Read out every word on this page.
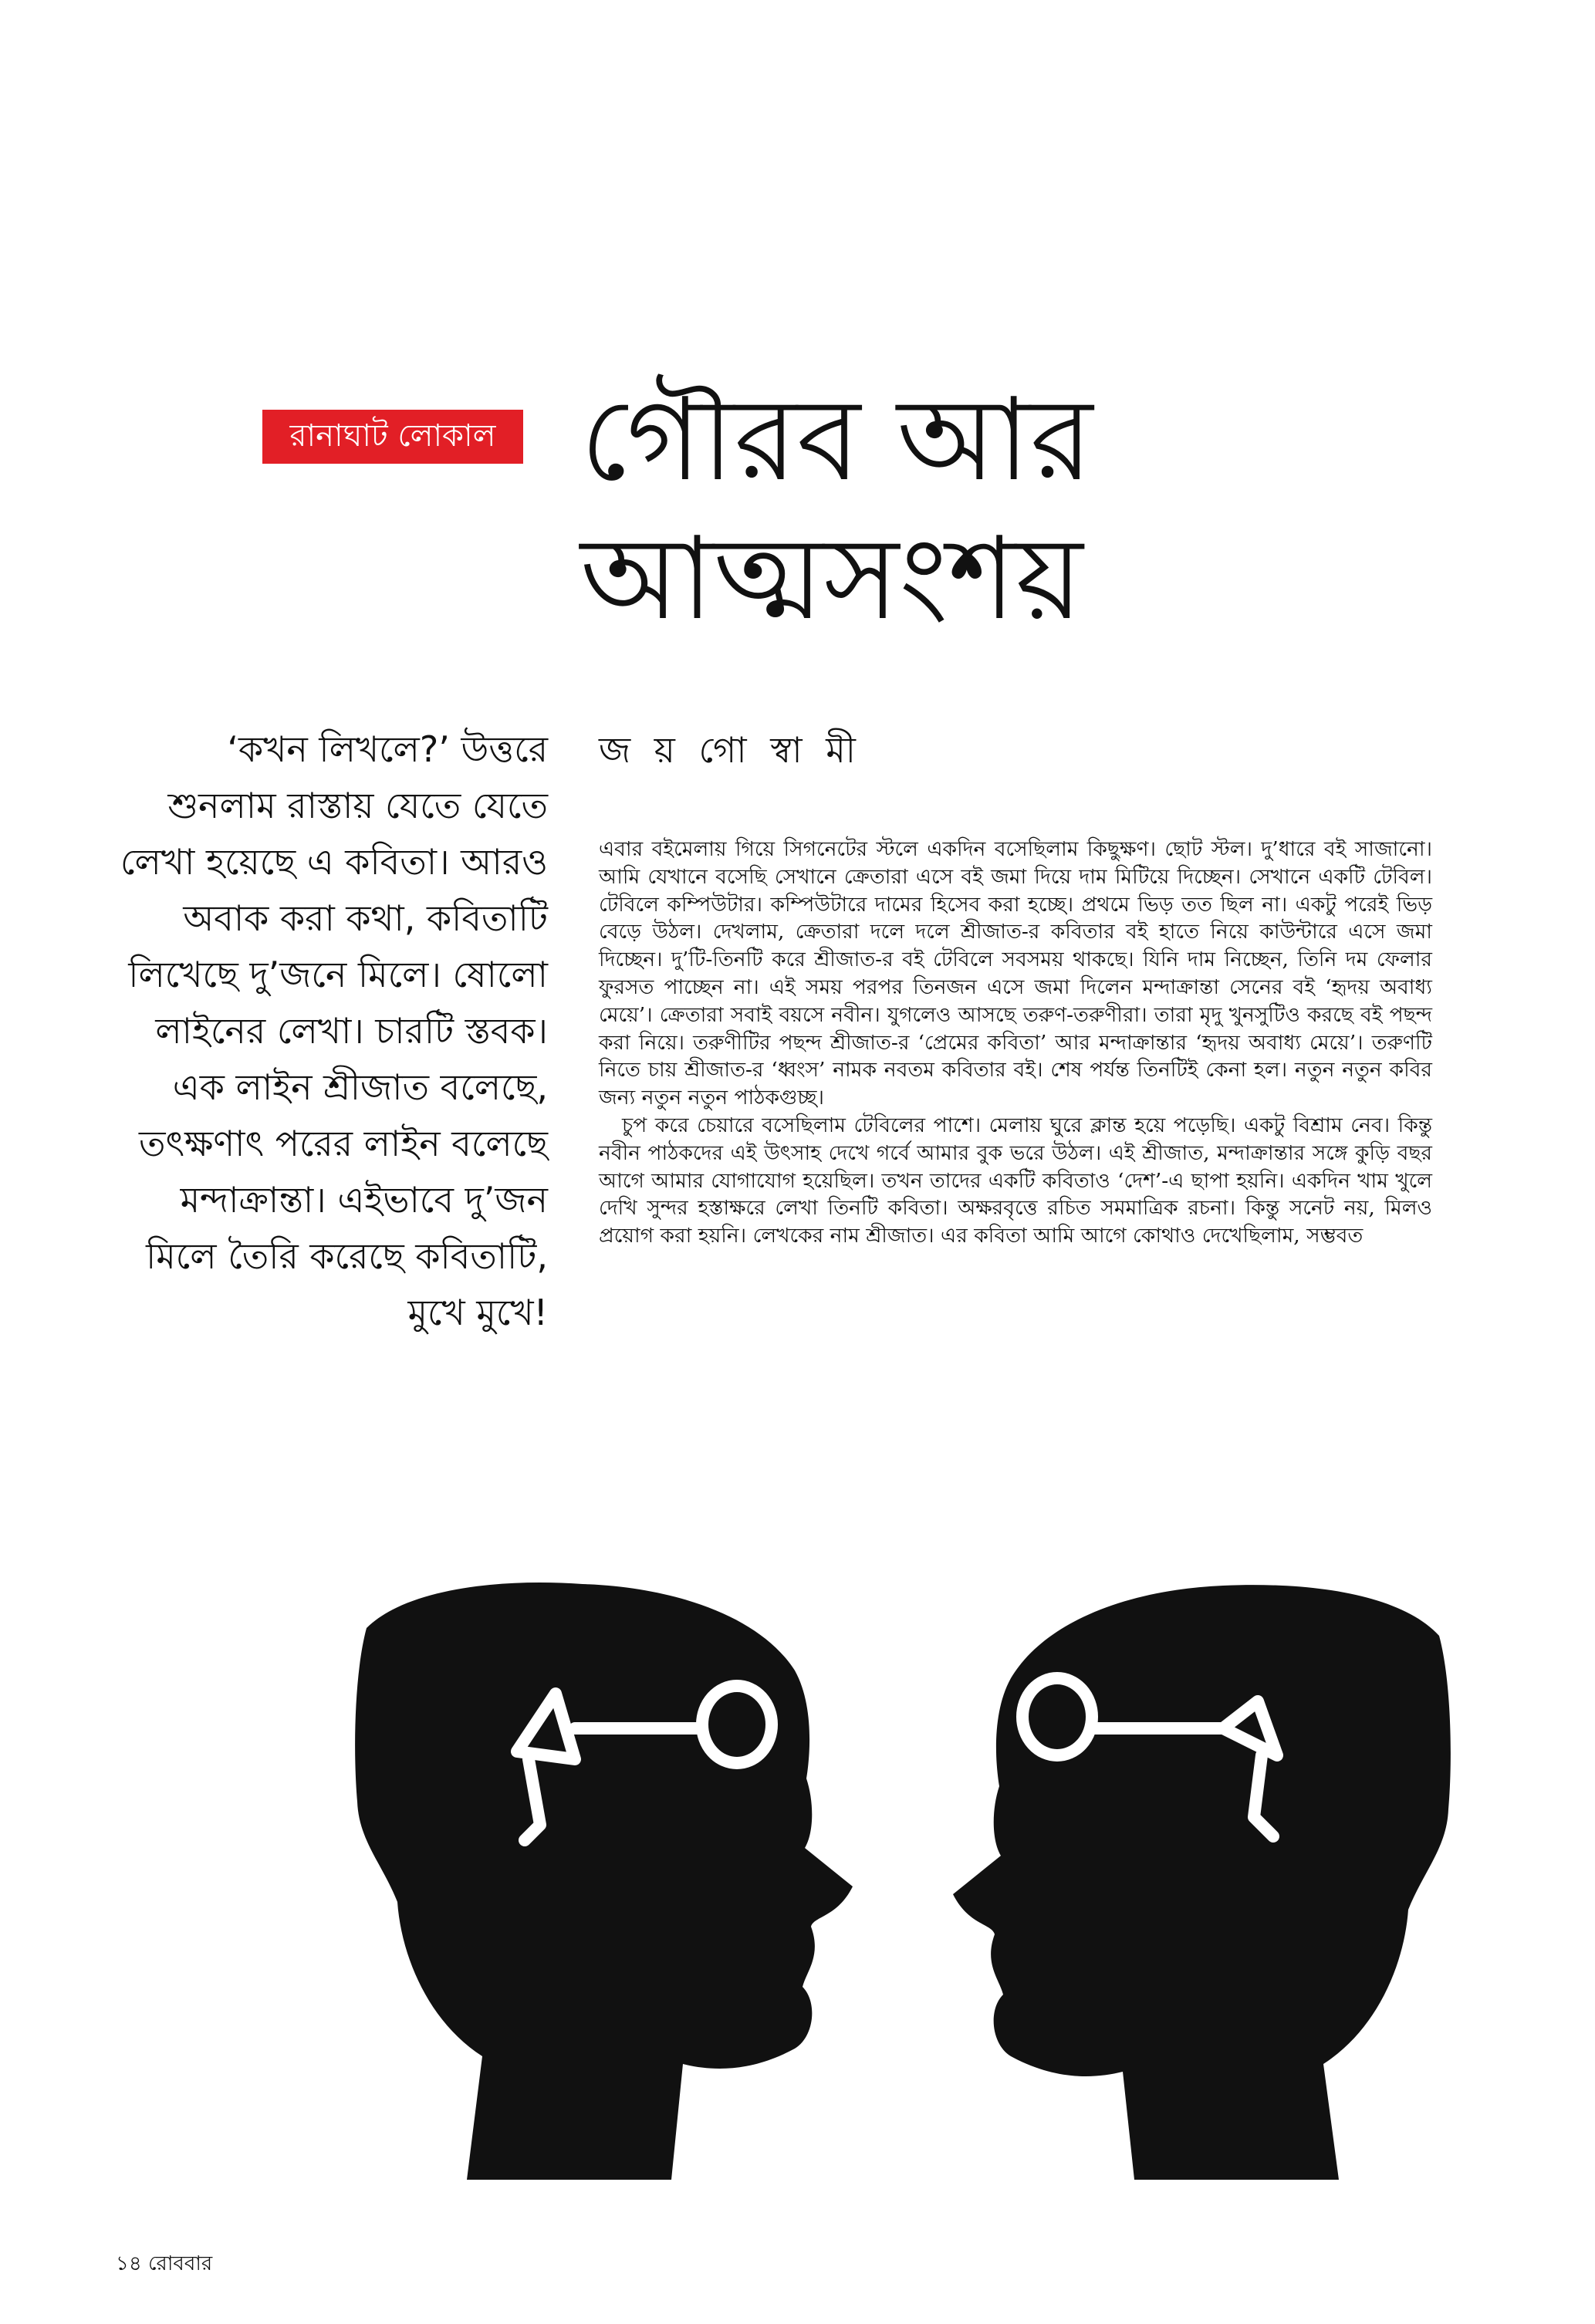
রানাঘাট লোকাল গৌরব আর
আত্মসংশয়

‘কখন লিখলে?’ উত্তরে শুনলাম রাস্তায় যেতে যেতে লেখা হয়েছে এ কবিতা। আরও অবাক করা কথা, কবিতাটি লিখেছে দু’জনে মিলে। ষোলো লাইনের লেখা। চারটি স্তবক। এক লাইন শ্রীজাত বলেছে, তৎক্ষণাৎ পরের লাইন বলেছে মন্দাক্রান্তা। এইভাবে দু’জন মিলে তৈরি করেছে কবিতাটি, মুখে মুখে!

জ য় গো স্বা মী

এবার বইমেলায় গিয়ে সিগনেটের স্টলে একদিন বসেছিলাম কিছুক্ষণ। ছোট স্টল। দু’ধারে বই সাজানো। আমি যেখানে বসেছি সেখানে ক্রেতারা এসে বই জমা দিয়ে দাম মিটিয়ে দিচ্ছেন। সেখানে একটি টেবিল। টেবিলে কম্পিউটার। কম্পিউটারে দামের হিসেব করা হচ্ছে। প্রথমে ভিড় তত ছিল না। একটু পরেই ভিড় বেড়ে উঠল। দেখলাম, ক্রেতারা দলে দলে শ্রীজাত-র কবিতার বই হাতে নিয়ে কাউন্টারে এসে জমা দিচ্ছেন। দু’টি-তিনটি করে শ্রীজাত-র বই টেবিলে সবসময় থাকছে। যিনি দাম নিচ্ছেন, তিনি দম ফেলার ফুরসত পাচ্ছেন না। এই সময় পরপর তিনজন এসে জমা দিলেন মন্দাক্রান্তা সেনের বই ‘হৃদয় অবাধ্য মেয়ে’। ক্রেতারা সবাই বয়সে নবীন। যুগলেও আসছে তরুণ-তরুণীরা। তারা মৃদু খুনসুটিও করছে বই পছন্দ করা নিয়ে। তরুণীটির পছন্দ শ্রীজাত-র ‘প্রেমের কবিতা’ আর মন্দাক্রান্তার ‘হৃদয় অবাধ্য মেয়ে’। তরুণটি নিতে চায় শ্রীজাত-র ‘ধ্বংস’ নামক নবতম কবিতার বই। শেষ পর্যন্ত তিনটিই কেনা হল। নতুন নতুন কবির জন্য নতুন নতুন পাঠকগুচ্ছ।

চুপ করে চেয়ারে বসেছিলাম টেবিলের পাশে। মেলায় ঘুরে ক্লান্ত হয়ে পড়েছি। একটু বিশ্রাম নেব। কিন্তু নবীন পাঠকদের এই উৎসাহ দেখে গর্বে আমার বুক ভরে উঠল। এই শ্রীজাত, মন্দাক্রান্তার সঙ্গে কুড়ি বছর আগে আমার যোগাযোগ হয়েছিল। তখন তাদের একটি কবিতাও ‘দেশ’-এ ছাপা হয়নি। একদিন খাম খুলে দেখি সুন্দর হস্তাক্ষরে লেখা তিনটি কবিতা। অক্ষরবৃত্তে রচিত সমমাত্রিক রচনা। কিন্তু সনেট নয়, মিলও প্রয়োগ করা হয়নি। লেখকের নাম শ্রীজাত। এর কবিতা আমি আগে কোথাও দেখেছিলাম, সম্ভবত

১৪ রোববার
